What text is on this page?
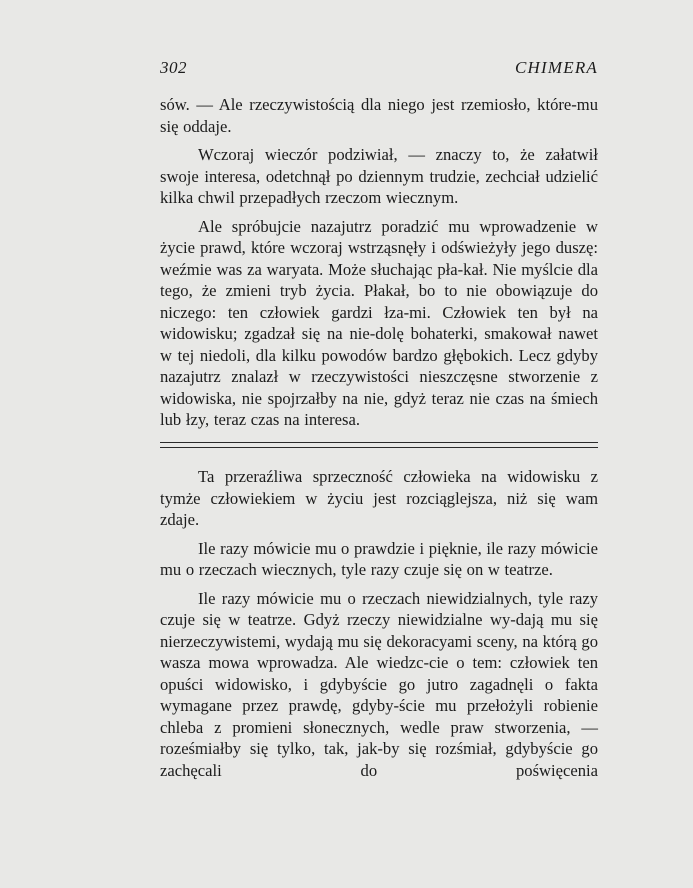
302	CHIMERA

sów. — Ale rzeczywistością dla niego jest rzemiosło, które-mu się oddaje.

Wczoraj wieczór podziwiał, — znaczy to, że załatwił swoje interesa, odetchnął po dziennym trudzie, zechciał udzielić kilka chwil przepadłych rzeczom wiecznym.

Ale spróbujcie nazajutrz poradzić mu wprowadzenie w życie prawd, które wczoraj wstrząsnęły i odświeżyły jego duszę: weźmie was za waryata. Może słuchając pła-kał. Nie myślcie dla tego, że zmieni tryb życia. Płakał, bo to nie obowiązuje do niczego: ten człowiek gardzi łza-mi. Człowiek ten był na widowisku; zgadzał się na nie-dolę bohaterki, smakował nawet w tej niedoli, dla kilku powodów bardzo głębokich. Lecz gdyby nazajutrz znalazł w rzeczywistości nieszczęsne stworzenie z widowiska, nie spojrzałby na nie, gdyż teraz nie czas na śmiech lub łzy, teraz czas na interesa.

Ta przeraźliwa sprzeczność człowieka na widowisku z tymże człowiekiem w życiu jest rozciąglejsza, niż się wam zdaje.

Ile razy mówicie mu o prawdzie i pięknie, ile razy mówicie mu o rzeczach wiecznych, tyle razy czuje się on w teatrze.

Ile razy mówicie mu o rzeczach niewidzialnych, tyle razy czuje się w teatrze. Gdyż rzeczy niewidzialne wy-dają mu się nierzeczywistemi, wydają mu się dekoracyami sceny, na którą go wasza mowa wprowadza. Ale wiedzc-cie o tem: człowiek ten opuści widowisko, i gdybyście go jutro zagadnęli o fakta wymagane przez prawdę, gdyby-ście mu przełożyli robienie chleba z promieni słonecznych, wedle praw stworzenia, — roześmiałby się tylko, tak, jak-by się rozśmiał, gdybyście go zachęcali do poświęcenia
